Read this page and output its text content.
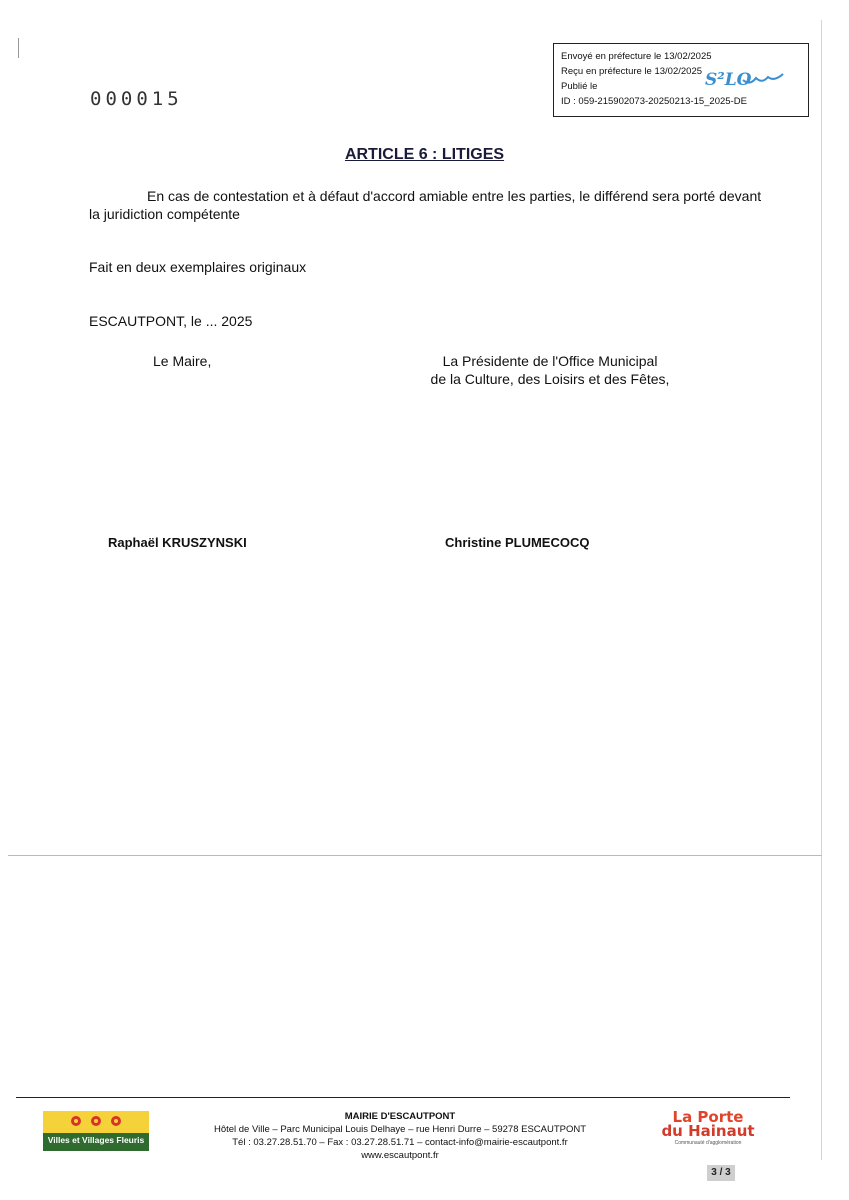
000015
Envoyé en préfecture le 13/02/2025
Reçu en préfecture le 13/02/2025
Publié le
ID : 059-215902073-20250213-15_2025-DE
S²LO
ARTICLE 6 : LITIGES
En cas de contestation et à défaut d'accord amiable entre les parties, le différend sera porté devant la juridiction compétente
Fait en deux exemplaires originaux
ESCAUTPONT, le ... 2025
Le Maire,	La Présidente de l'Office Municipal
de la Culture, des Loisirs et des Fêtes,
Raphaël KRUSZYNSKI	Christine PLUMECOCQ
Villes et Villages Fleuris
MAIRIE D'ESCAUTPONT
Hôtel de Ville – Parc Municipal Louis Delhaye – rue Henri Durre – 59278 ESCAUTPONT
Tél : 03.27.28.51.70 – Fax : 03.27.28.51.71 – contact-info@mairie-escautpont.fr
www.escautpont.fr
La Porte
du Hainaut
Communauté d'agglomération
3 / 3
